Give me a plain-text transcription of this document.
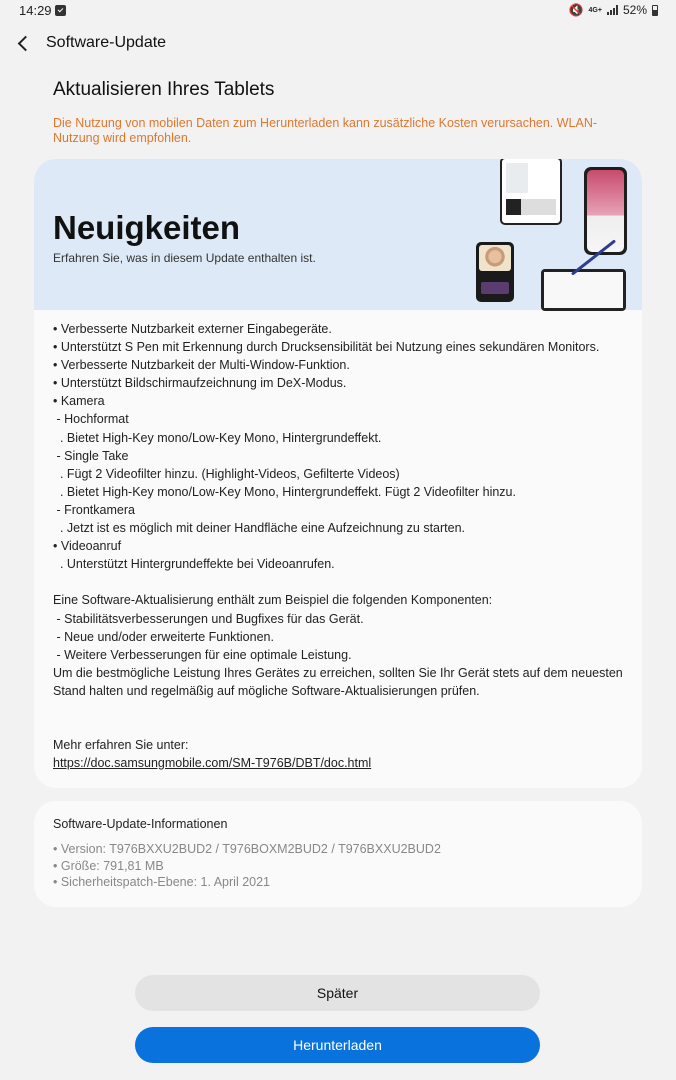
14:29	🔇 4G+ 52%
Software-Update
Aktualisieren Ihres Tablets
Die Nutzung von mobilen Daten zum Herunterladen kann zusätzliche Kosten verursachen. WLAN-Nutzung wird empfohlen.
Neuigkeiten
Erfahren Sie, was in diesem Update enthalten ist.
• Verbesserte Nutzbarkeit externer Eingabegeräte.
• Unterstützt S Pen mit Erkennung durch Drucksensibilität bei Nutzung eines sekundären Monitors.
• Verbesserte Nutzbarkeit der Multi-Window-Funktion.
• Unterstützt Bildschirmaufzeichnung im DeX-Modus.
• Kamera
- Hochformat
. Bietet High-Key mono/Low-Key Mono, Hintergrundeffekt.
- Single Take
. Fügt 2 Videofilter hinzu. (Highlight-Videos, Gefilterte Videos)
. Bietet High-Key mono/Low-Key Mono, Hintergrundeffekt. Fügt 2 Videofilter hinzu.
- Frontkamera
. Jetzt ist es möglich mit deiner Handfläche eine Aufzeichnung zu starten.
• Videoanruf
. Unterstützt Hintergrundeffekte bei Videoanrufen.
Eine Software-Aktualisierung enthält zum Beispiel die folgenden Komponenten:
- Stabilitätsverbesserungen und Bugfixes für das Gerät.
- Neue und/oder erweiterte Funktionen.
- Weitere Verbesserungen für eine optimale Leistung.
Um die bestmögliche Leistung Ihres Gerätes zu erreichen, sollten Sie Ihr Gerät stets auf dem neuesten
Stand halten und regelmäßig auf mögliche Software-Aktualisierungen prüfen.
Mehr erfahren Sie unter:
https://doc.samsungmobile.com/SM-T976B/DBT/doc.html
Software-Update-Informationen
• Version: T976BXXU2BUD2 / T976BOXM2BUD2 / T976BXXU2BUD2
• Größe: 791,81 MB
• Sicherheitspatch-Ebene: 1. April 2021
Später
Herunterladen
